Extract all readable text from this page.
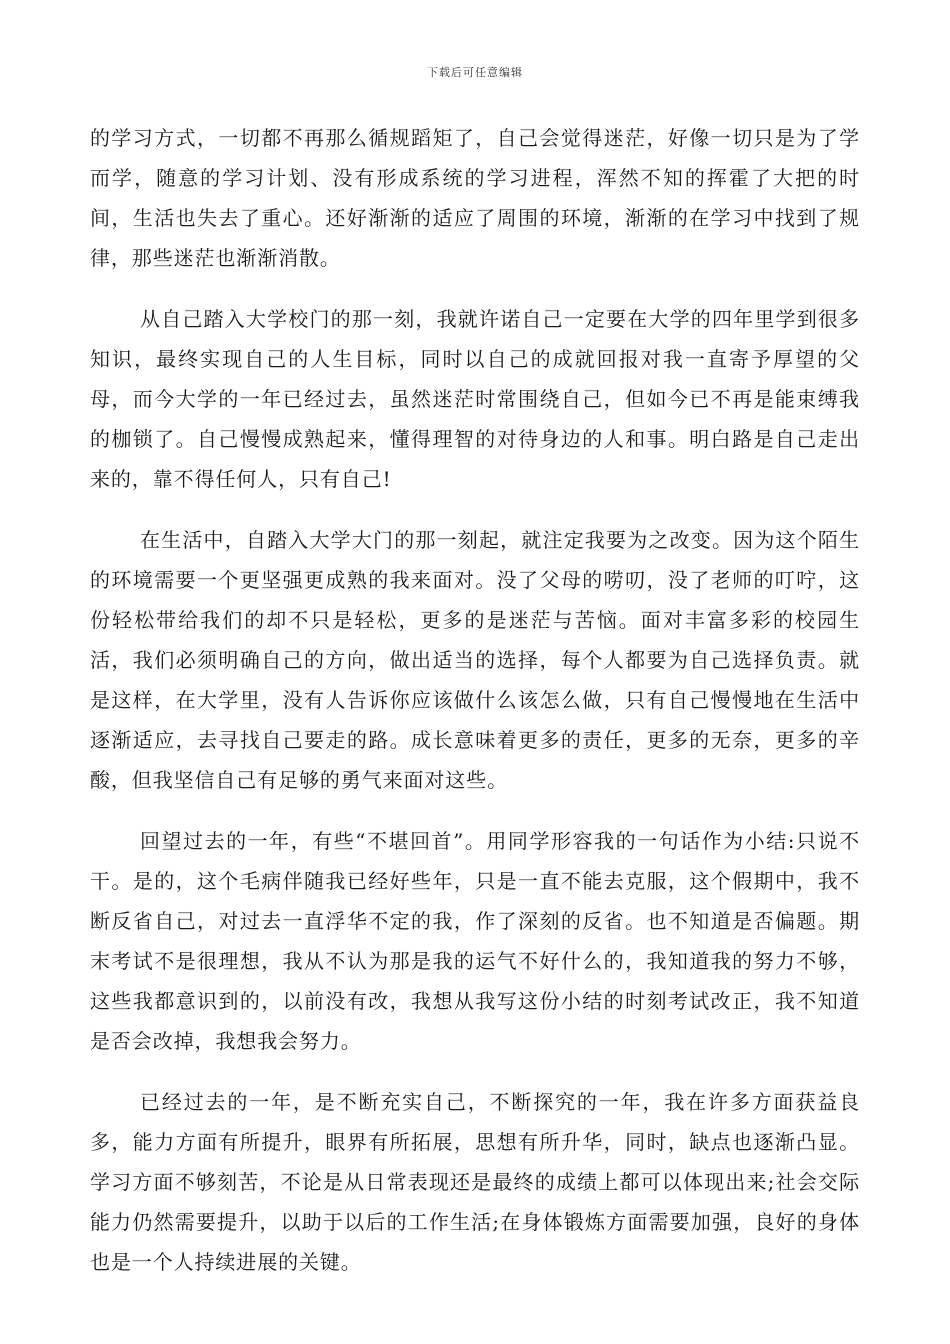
下载后可任意编辑

的学习方式，一切都不再那么循规蹈矩了，自己会觉得迷茫，好像一切只是为了学而学，随意的学习计划、没有形成系统的学习进程，浑然不知的挥霍了大把的时间，生活也失去了重心。还好渐渐的适应了周围的环境，渐渐的在学习中找到了规律，那些迷茫也渐渐消散。

从自己踏入大学校门的那一刻，我就许诺自己一定要在大学的四年里学到很多知识，最终实现自己的人生目标，同时以自己的成就回报对我一直寄予厚望的父母，而今大学的一年已经过去，虽然迷茫时常围绕自己，但如今已不再是能束缚我的枷锁了。自己慢慢成熟起来，懂得理智的对待身边的人和事。明白路是自己走出来的，靠不得任何人，只有自己!

在生活中，自踏入大学大门的那一刻起，就注定我要为之改变。因为这个陌生的环境需要一个更坚强更成熟的我来面对。没了父母的唠叨，没了老师的叮咛，这份轻松带给我们的却不只是轻松，更多的是迷茫与苦恼。面对丰富多彩的校园生活，我们必须明确自己的方向，做出适当的选择，每个人都要为自己选择负责。就是这样，在大学里，没有人告诉你应该做什么该怎么做，只有自己慢慢地在生活中逐渐适应，去寻找自己要走的路。成长意味着更多的责任，更多的无奈，更多的辛酸，但我坚信自己有足够的勇气来面对这些。

回望过去的一年，有些“不堪回首”。用同学形容我的一句话作为小结:只说不干。是的，这个毛病伴随我已经好些年，只是一直不能去克服，这个假期中，我不断反省自己，对过去一直浮华不定的我，作了深刻的反省。也不知道是否偏题。期末考试不是很理想，我从不认为那是我的运气不好什么的，我知道我的努力不够，这些我都意识到的，以前没有改，我想从我写这份小结的时刻考试改正，我不知道是否会改掉，我想我会努力。

已经过去的一年，是不断充实自己，不断探究的一年，我在许多方面获益良多，能力方面有所提升，眼界有所拓展，思想有所升华，同时，缺点也逐渐凸显。学习方面不够刻苦，不论是从日常表现还是最终的成绩上都可以体现出来;社会交际能力仍然需要提升，以助于以后的工作生活;在身体锻炼方面需要加强，良好的身体也是一个人持续进展的关键。
